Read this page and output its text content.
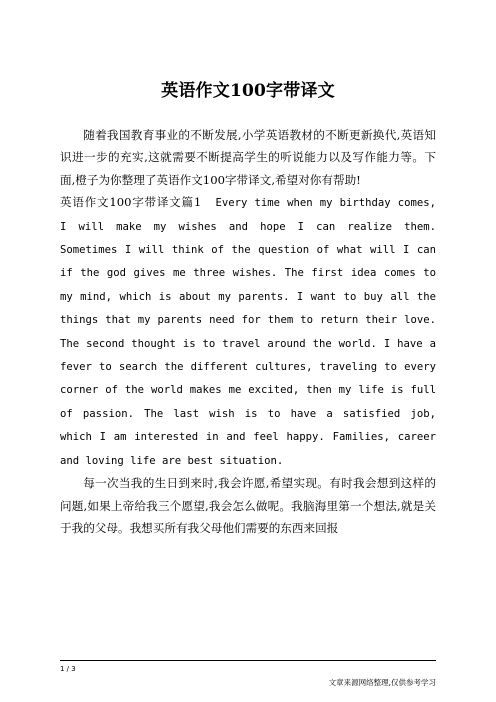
英语作文100字带译文

随着我国教育事业的不断发展,小学英语教材的不断更新换代,英语知识进一步的充实,这就需要不断提高学生的听说能力以及写作能力等。下面,橙子为你整理了英语作文100字带译文,希望对你有帮助!

英语作文100字带译文篇1  Every time when my birthday comes, I will make my wishes and hope I can realize them. Sometimes I will think of the question of what will I can if the god gives me three wishes. The first idea comes to my mind, which is about my parents. I want to buy all the things that my parents need for them to return their love. The second thought is to travel around the world. I have a fever to search the different cultures, traveling to every corner of the world makes me excited, then my life is full of passion. The last wish is to have a satisfied job, which I am interested in and feel happy. Families, career and loving life are best situation.

每一次当我的生日到来时,我会许愿,希望实现。有时我会想到这样的问题,如果上帝给我三个愿望,我会怎么做呢。我脑海里第一个想法,就是关于我的父母。我想买所有我父母他们需要的东西来回报

1 / 3
文章来源网络整理,仅供参考学习
